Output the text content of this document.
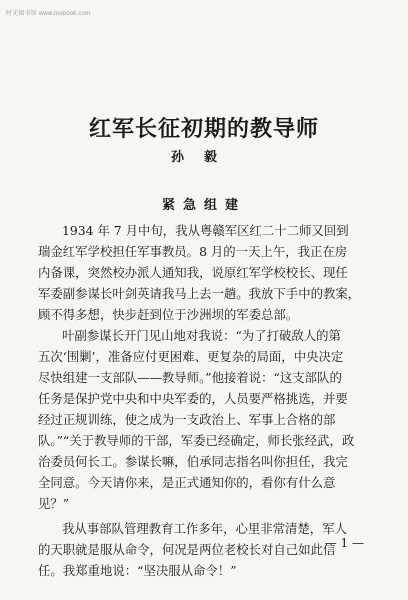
时光图书馆 www.mebook.com
红军长征初期的教导师
孙毅
紧急组建
1934 年 7 月中旬，我从粤赣军区红二十二师又回到
瑞金红军学校担任军事教员。8 月的一天上午，我正在房
内备课，突然校办派人通知我，说原红军学校校长、现任
军委副参谋长叶剑英请我马上去一趟。我放下手中的教案，
顾不得多想，快步赶到位于沙洲坝的军委总部。
叶副参谋长开门见山地对我说：“为了打破敌人的第
五次‘围剿’，准备应付更困难、更复杂的局面，中央决定
尽快组建一支部队——教导师。”他接着说：“这支部队的
任务是保护党中央和中央军委的，人员要严格挑选，并要
经过正规训练，使之成为一支政治上、军事上合格的部
队。”“关于教导师的干部，军委已经确定，师长张经武，政
治委员何长工。参谋长嘛，伯承同志指名叫你担任，我完
全同意。今天请你来，是正式通知你的，看你有什么意
见？”
我从事部队管理教育工作多年，心里非常清楚，军人
的天职就是服从命令，何况是两位老校长对自己如此信
任。我郑重地说：“坚决服从命令！”
— 1 —
